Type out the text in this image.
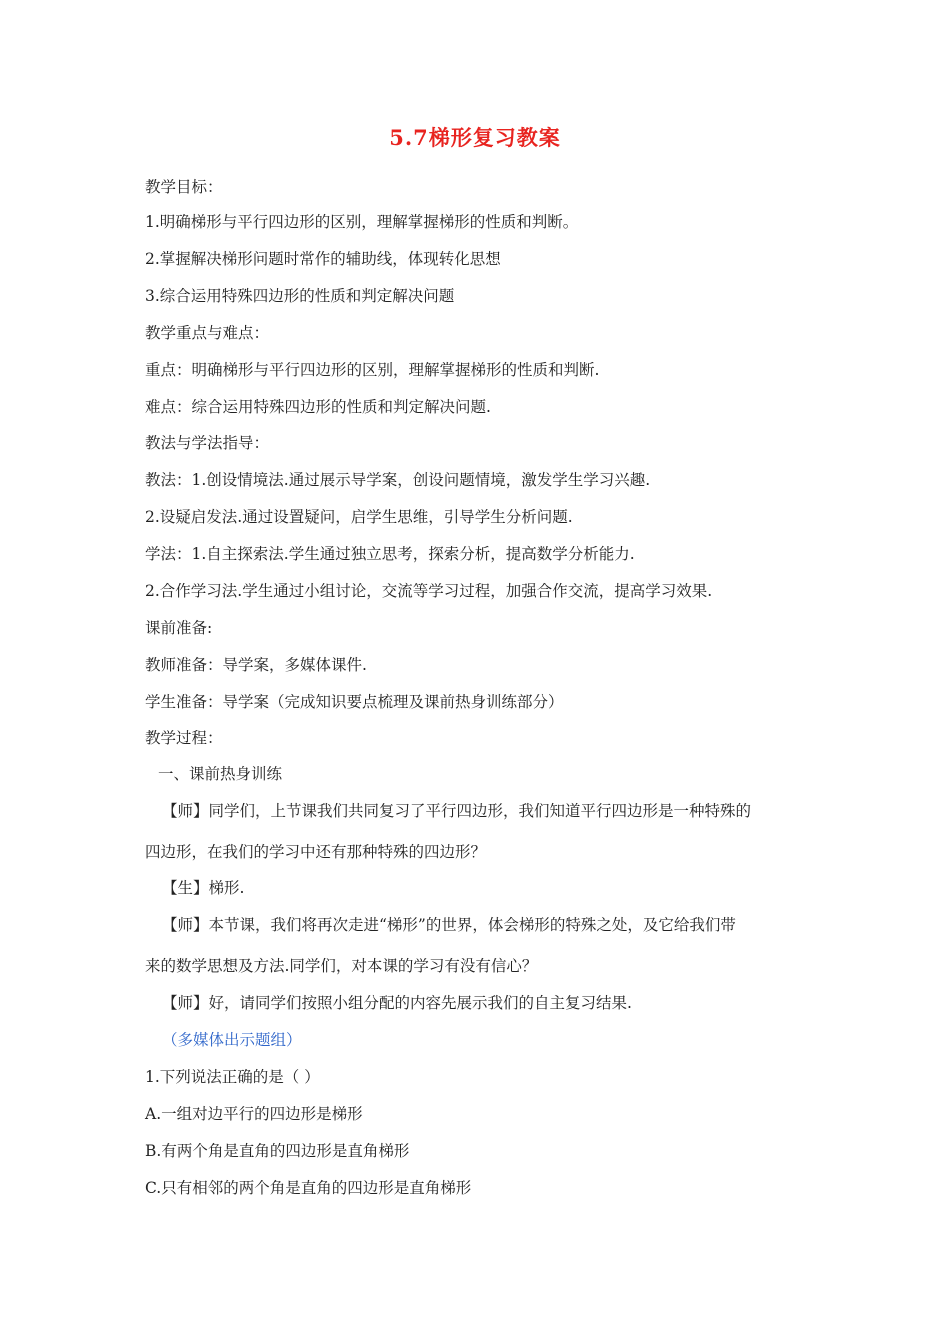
5.7梯形复习教案
教学目标：
1.明确梯形与平行四边形的区别，理解掌握梯形的性质和判断。
2.掌握解决梯形问题时常作的辅助线，体现转化思想
3.综合运用特殊四边形的性质和判定解决问题
教学重点与难点：
重点：明确梯形与平行四边形的区别，理解掌握梯形的性质和判断.
难点：综合运用特殊四边形的性质和判定解决问题.
教法与学法指导：
教法：1.创设情境法.通过展示导学案，创设问题情境，激发学生学习兴趣.
2.设疑启发法.通过设置疑问，启学生思维，引导学生分析问题.
学法：1.自主探索法.学生通过独立思考，探索分析，提高数学分析能力.
2.合作学习法.学生通过小组讨论，交流等学习过程，加强合作交流，提高学习效果.
课前准备:
教师准备：导学案，多媒体课件.
学生准备：导学案（完成知识要点梳理及课前热身训练部分）
教学过程：
一、课前热身训练
【师】同学们，上节课我们共同复习了平行四边形，我们知道平行四边形是一种特殊的
四边形，在我们的学习中还有那种特殊的四边形？
【生】梯形.
【师】本节课，我们将再次走进“梯形”的世界，体会梯形的特殊之处，及它给我们带
来的数学思想及方法.同学们，对本课的学习有没有信心？
【师】好，请同学们按照小组分配的内容先展示我们的自主复习结果.
（多媒体出示题组）
1.下列说法正确的是（ ）
A.一组对边平行的四边形是梯形
B.有两个角是直角的四边形是直角梯形
C.只有相邻的两个角是直角的四边形是直角梯形
